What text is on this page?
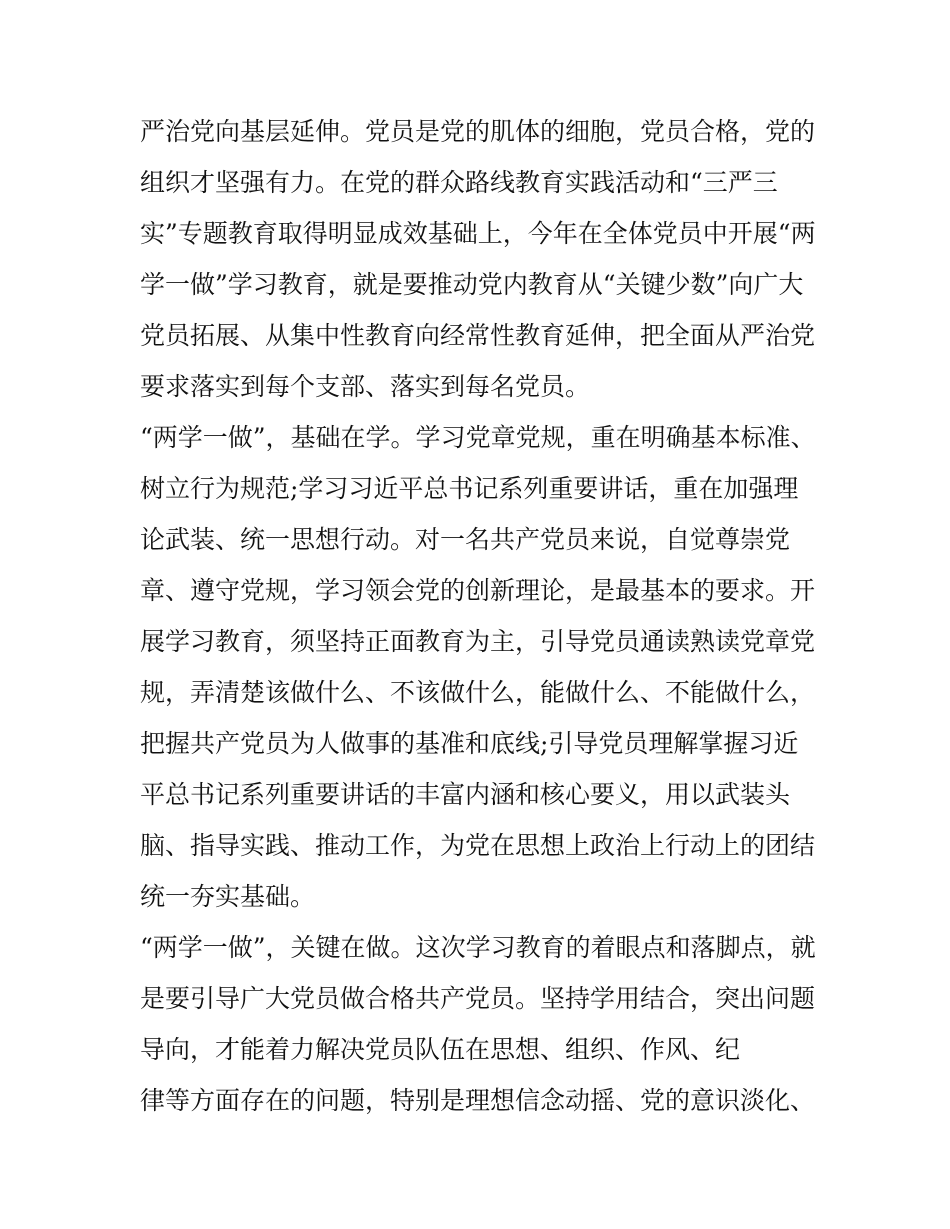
严治党向基层延伸。党员是党的肌体的细胞，党员合格，党的
组织才坚强有力。在党的群众路线教育实践活动和“三严三
实”专题教育取得明显成效基础上，今年在全体党员中开展“两
学一做”学习教育，就是要推动党内教育从“关键少数”向广大
党员拓展、从集中性教育向经常性教育延伸，把全面从严治党
要求落实到每个支部、落实到每名党员。
“两学一做”，基础在学。学习党章党规，重在明确基本标准、
树立行为规范;学习习近平总书记系列重要讲话，重在加强理
论武装、统一思想行动。对一名共产党员来说，自觉尊崇党
章、遵守党规，学习领会党的创新理论，是最基本的要求。开
展学习教育，须坚持正面教育为主，引导党员通读熟读党章党
规，弄清楚该做什么、不该做什么，能做什么、不能做什么，
把握共产党员为人做事的基准和底线;引导党员理解掌握习近
平总书记系列重要讲话的丰富内涵和核心要义，用以武装头
脑、指导实践、推动工作，为党在思想上政治上行动上的团结
统一夯实基础。
“两学一做”，关键在做。这次学习教育的着眼点和落脚点，就
是要引导广大党员做合格共产党员。坚持学用结合，突出问题
导向，才能着力解决党员队伍在思想、组织、作风、纪
律等方面存在的问题，特别是理想信念动摇、党的意识淡化、
